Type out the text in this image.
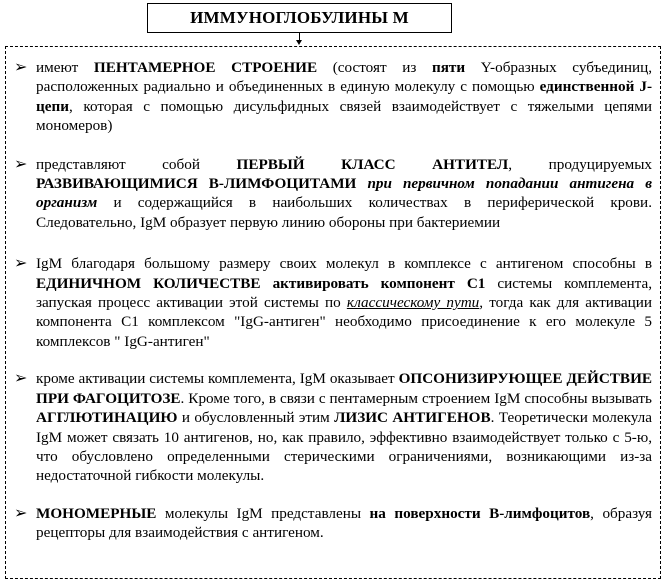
ИММУНОГЛОБУЛИНЫ М
➢ имеют ПЕНТАМЕРНОЕ СТРОЕНИЕ (состоят из пяти Y-образных субъединиц, расположенных радиально и объединенных в единую молекулу с помощью единственной J-цепи, которая с помощью дисульфидных связей взаимодействует с тяжелыми цепями мономеров)
➢ представляют собой ПЕРВЫЙ КЛАСС АНТИТЕЛ, продуцируемых РАЗВИВАЮЩИМИСЯ В-ЛИМФОЦИТАМИ при первичном попадании антигена в организм и содержащийся в наибольших количествах в периферической крови. Следовательно, IgM образует первую линию обороны при бактериемии
➢ IgM благодаря большому размеру своих молекул в комплексе с антигеном способны в ЕДИНИЧНОМ КОЛИЧЕСТВЕ активировать компонент С1 системы комплемента, запуская процесс активации этой системы по классическому пути, тогда как для активации компонента С1 комплексом "IgG-антиген" необходимо присоединение к его молекуле 5 комплексов " IgG-антиген"
➢ кроме активации системы комплемента, IgM оказывает ОПСОНИЗИРУЮЩЕЕ ДЕЙСТВИЕ ПРИ ФАГОЦИТОЗЕ. Кроме того, в связи с пентамерным строением IgM способны вызывать АГГЛЮТИНАЦИЮ и обусловленный этим ЛИЗИС АНТИГЕНОВ. Теоретически молекула IgM может связать 10 антигенов, но, как правило, эффективно взаимодействует только с 5-ю, что обусловлено определенными стерическими ограничениями, возникающими из-за недостаточной гибкости молекулы.
➢ МОНОМЕРНЫЕ молекулы IgM представлены на поверхности В-лимфоцитов, образуя рецепторы для взаимодействия с антигеном.
